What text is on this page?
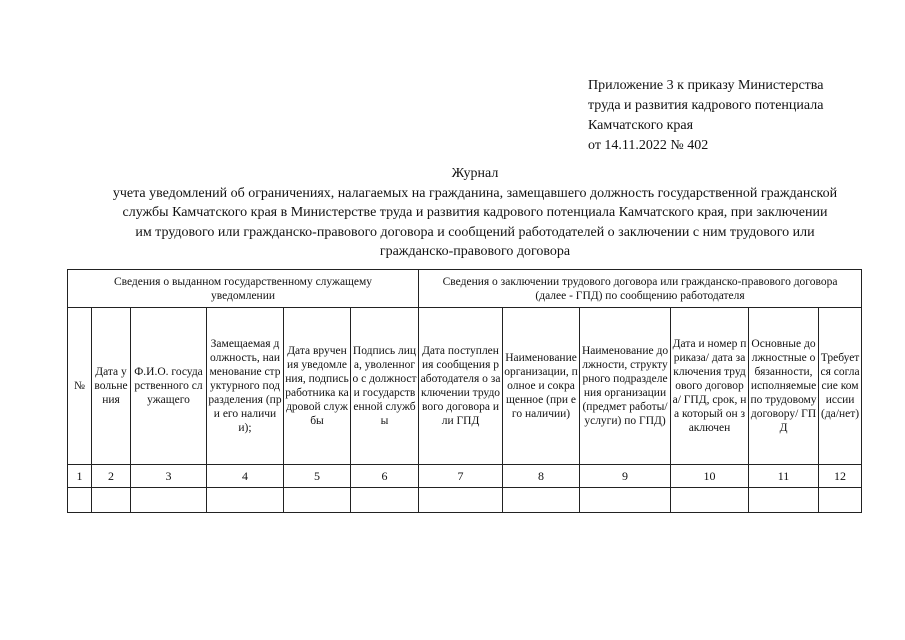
Приложение 3 к приказу Министерства
труда и развития кадрового потенциала
Камчатского края
от 14.11.2022 № 402
Журнал
учета уведомлений об ограничениях, налагаемых на гражданина, замещавшего должность государственной гражданской
службы Камчатского края в Министерстве труда и развития кадрового потенциала Камчатского края, при заключении
им трудового или гражданско-правового договора и сообщений работодателей о заключении с ним трудового или
гражданско-правового договора
Сведения о выданном государственному служащему уведомлении						Сведения о заключении трудового договора или гражданско-правового договора (далее - ГПД) по сообщению работодателя					
№	Дата увольнения	Ф.И.О. государственного служащего	Замещаемая должность, наименование структурного подразделения (при его наличии);	Дата вручения уведомления, подпись работника кадровой службы	Подпись лица, уволенного с должности государственной службы	Дата поступления сообщения работодателя о заключении трудового договора или ГПД	Наименование организации, полное и сокращенное (при его наличии)	Наименование должности, структурного подразделения организации (предмет работы/ услуги) по ГПД)	Дата и номер приказа/ дата заключения трудового договора/ ГПД, срок, на который он заключен	Основные должностные обязанности, исполняемые по трудовому договору/ ГПД	Требуется согласие комиссии (да/нет)
1	2	3	4	5	6	7	8	9	10	11	12
